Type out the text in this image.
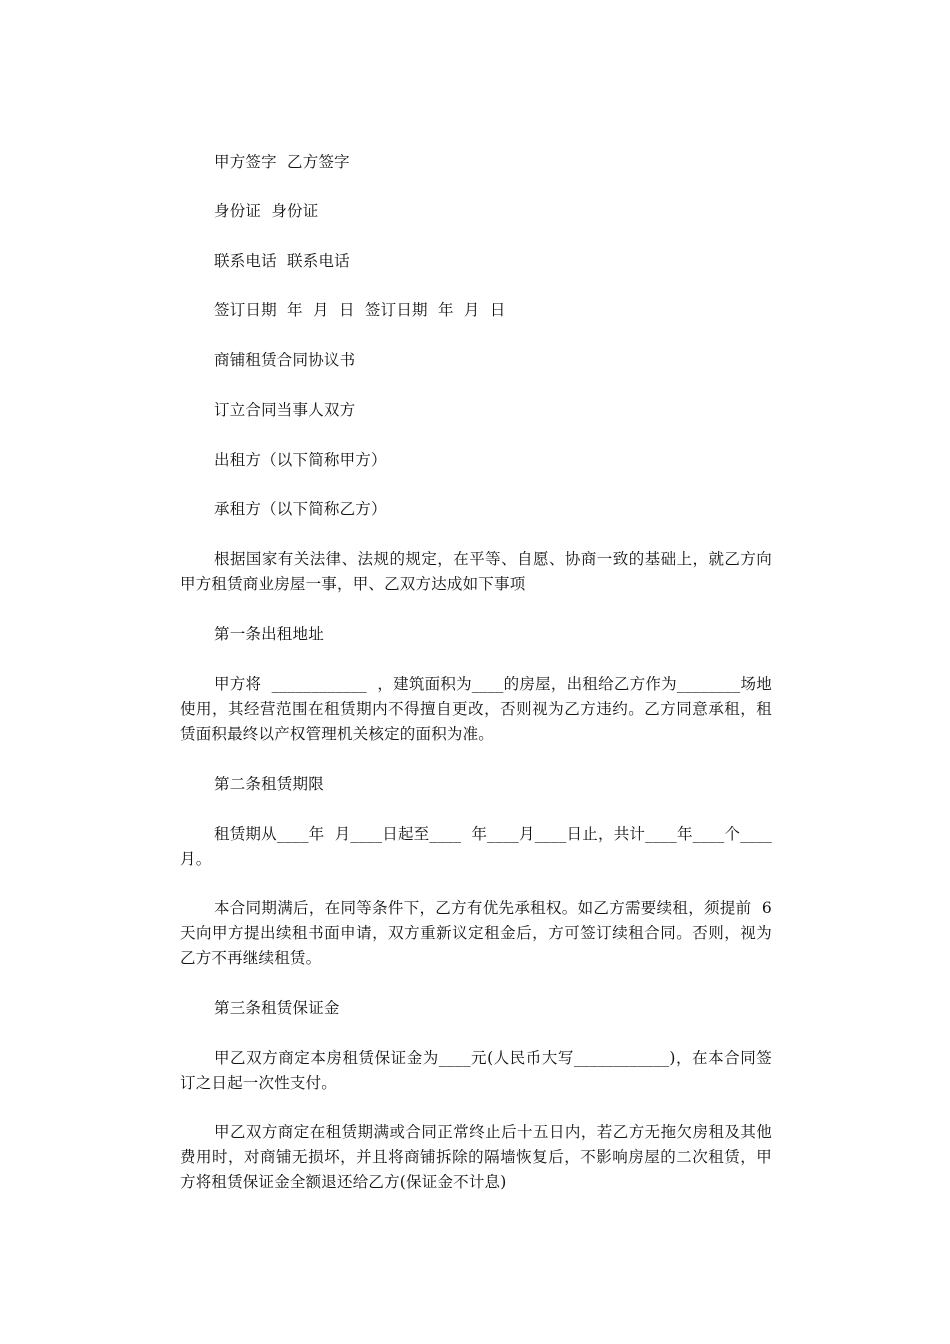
甲方签字  乙方签字

身份证  身份证

联系电话  联系电话

签订日期  年  月  日  签订日期  年  月  日

商铺租赁合同协议书

订立合同当事人双方

出租方（以下简称甲方）

承租方（以下简称乙方）

根据国家有关法律、法规的规定，在平等、自愿、协商一致的基础上，就乙方向甲方租赁商业房屋一事，甲、乙双方达成如下事项

第一条出租地址

甲方将  ____________  ，建筑面积为____的房屋，出租给乙方作为________场地使用，其经营范围在租赁期内不得擅自更改，否则视为乙方违约。乙方同意承租，租赁面积最终以产权管理机关核定的面积为准。

第二条租赁期限

租赁期从____年  月____日起至____  年____月____日止，共计____年____个____月。

本合同期满后，在同等条件下，乙方有优先承租权。如乙方需要续租，须提前  6  天向甲方提出续租书面申请，双方重新议定租金后，方可签订续租合同。否则，视为乙方不再继续租赁。

第三条租赁保证金

甲乙双方商定本房租赁保证金为____元(人民币大写____________)，在本合同签订之日起一次性支付。

甲乙双方商定在租赁期满或合同正常终止后十五日内，若乙方无拖欠房租及其他费用时，对商铺无损坏，并且将商铺拆除的隔墙恢复后，不影响房屋的二次租赁，甲方将租赁保证金全额退还给乙方(保证金不计息)
